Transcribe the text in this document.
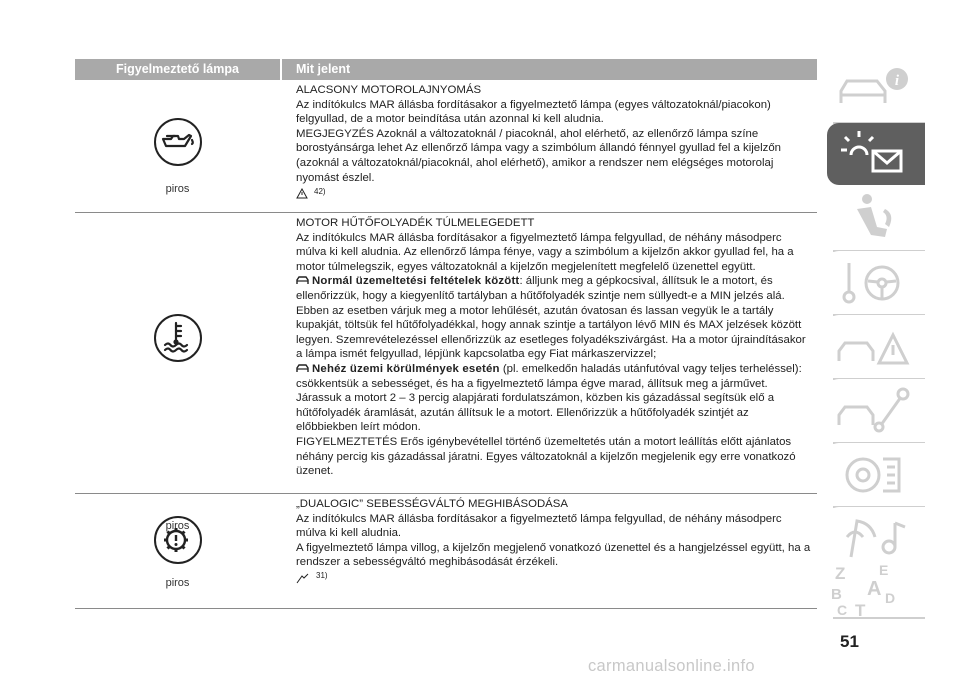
Figyelmeztető lámpa	Mit jelent
piros

ALACSONY MOTOROLAJNYOMÁS

Az indítókulcs MAR állásba fordításakor a figyelmeztető lámpa (egyes változatoknál/piacokon) felgyullad, de a motor beindítása után azonnal ki kell aludnia.

MEGJEGYZÉS Azoknál a változatoknál / piacoknál, ahol elérhető, az ellenőrző lámpa színe borostyánsárga lehet Az ellenőrző lámpa vagy a szimbólum állandó fénnyel gyullad fel a kijelzőn (azoknál a változatoknál/piacoknál, ahol elérhető), amikor a rendszer nem elégséges motorolaj nyomást észlel.

42)
piros

MOTOR HŰTŐFOLYADÉK TÚLMELEGEDETT

Az indítókulcs MAR állásba fordításakor a figyelmeztető lámpa felgyullad, de néhány másodperc múlva ki kell aludnia. Az ellenőrző lámpa fénye, vagy a szimbólum a kijelzőn akkor gyullad fel, ha a motor túlmelegszik, egyes változatoknál a kijelzőn megjelenített megfelelő üzenettel együtt.

Normál üzemeltetési feltételek között: álljunk meg a gépkocsival, állítsuk le a motort, és ellenőrizzük, hogy a kiegyenlítő tartályban a hűtőfolyadék szintje nem süllyedt-e a MIN jelzés alá. Ebben az esetben várjuk meg a motor lehűlését, azután óvatosan és lassan vegyük le a tartály kupakját, töltsük fel hűtőfolyadékkal, hogy annak szintje a tartályon lévő MIN és MAX jelzések között legyen. Szemrevételezéssel ellenőrizzük az esetleges folyadékszivárgást. Ha a motor újraindításakor a lámpa ismét felgyullad, lépjünk kapcsolatba egy Fiat márkaszervizzel;

Nehéz üzemi körülmények esetén (pl. emelkedőn haladás utánfutóval vagy teljes terheléssel): csökkentsük a sebességet, és ha a figyelmeztető lámpa égve marad, állítsuk meg a járművet. Járassuk a motort 2 – 3 percig alapjárati fordulatszámon, közben kis gázadással segítsük elő a hűtőfolyadék áramlását, azután állítsuk le a motort. Ellenőrizzük a hűtőfolyadék szintjét az előbbiekben leírt módon.

FIGYELMEZTETÉS Erős igénybevétellel történő üzemeltetés után a motort leállítás előtt ajánlatos néhány percig kis gázadással járatni. Egyes változatoknál a kijelzőn megjelenik egy erre vonatkozó üzenet.

piros

„DUALOGIC” SEBESSÉGVÁLTÓ MEGHIBÁSODÁSA

Az indítókulcs MAR állásba fordításakor a figyelmeztető lámpa felgyullad, de néhány másodperc múlva ki kell aludnia.

A figyelmeztető lámpa villog, a kijelzőn megjelenő vonatkozó üzenettel és a hangjelzéssel együtt, ha a rendszer a sebességváltó meghibásodását érzékeli.

31)
i
Z E
B A
C
D
T
51
carmanualsonline.info
